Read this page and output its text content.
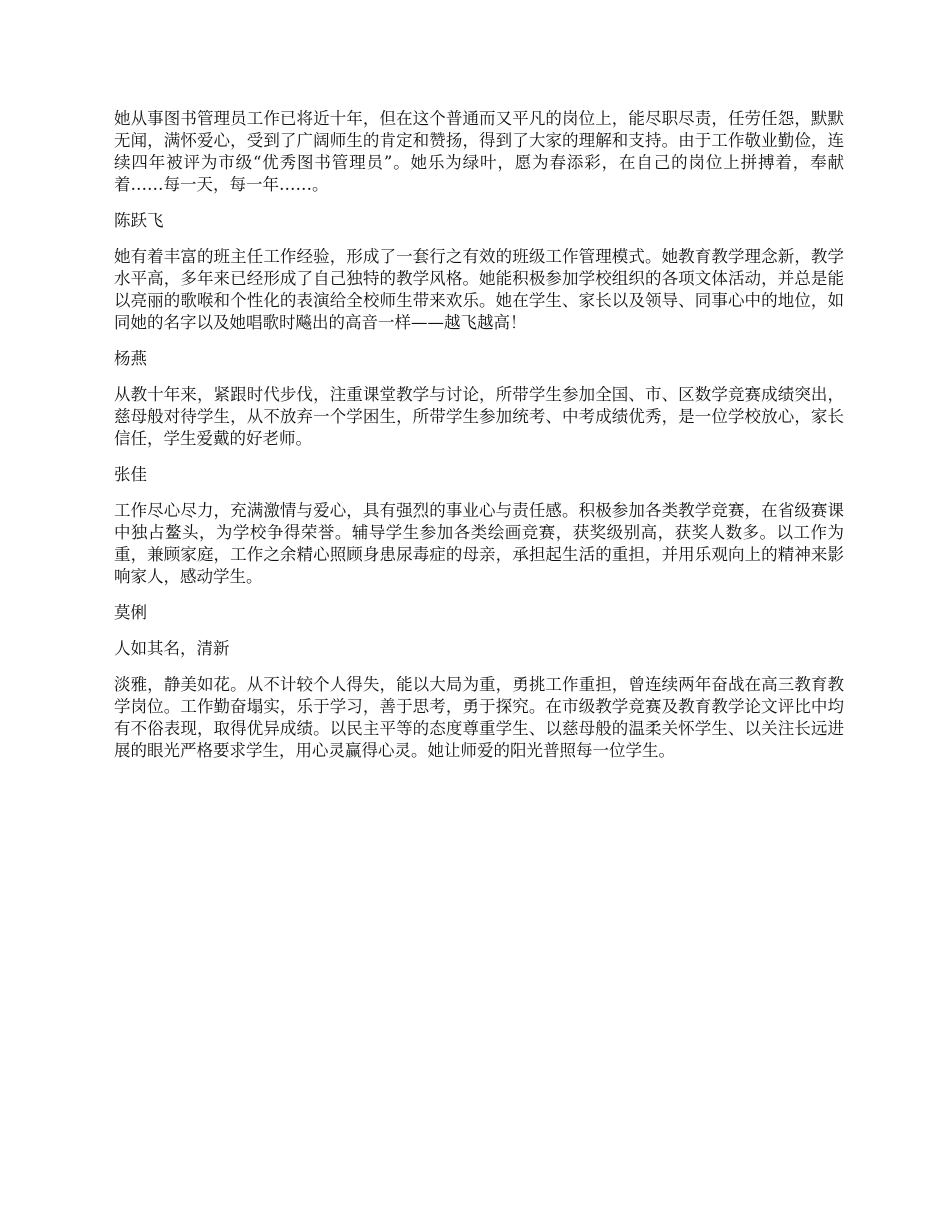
她从事图书管理员工作已将近十年，但在这个普通而又平凡的岗位上，能尽职尽责，任劳任怨，默默无闻，满怀爱心，受到了广阔师生的肯定和赞扬，得到了大家的理解和支持。由于工作敬业勤俭，连续四年被评为市级“优秀图书管理员”。她乐为绿叶，愿为春添彩，在自己的岗位上拼搏着，奉献着……每一天，每一年……。

陈跃飞

她有着丰富的班主任工作经验，形成了一套行之有效的班级工作管理模式。她教育教学理念新，教学水平高，多年来已经形成了自己独特的教学风格。她能积极参加学校组织的各项文体活动，并总是能以亮丽的歌喉和个性化的表演给全校师生带来欢乐。她在学生、家长以及领导、同事心中的地位，如同她的名字以及她唱歌时飚出的高音一样——越飞越高！

杨燕

从教十年来，紧跟时代步伐，注重课堂教学与讨论，所带学生参加全国、市、区数学竞赛成绩突出，慈母般对待学生，从不放弃一个学困生，所带学生参加统考、中考成绩优秀，是一位学校放心，家长信任，学生爱戴的好老师。

张佳

工作尽心尽力，充满激情与爱心，具有强烈的事业心与责任感。积极参加各类教学竞赛，在省级赛课中独占鳌头，为学校争得荣誉。辅导学生参加各类绘画竞赛，获奖级别高，获奖人数多。以工作为重，兼顾家庭，工作之余精心照顾身患尿毒症的母亲，承担起生活的重担，并用乐观向上的精神来影响家人，感动学生。

莫俐

人如其名，清新

淡雅，静美如花。从不计较个人得失，能以大局为重，勇挑工作重担，曾连续两年奋战在高三教育教学岗位。工作勤奋塌实，乐于学习，善于思考，勇于探究。在市级教学竞赛及教育教学论文评比中均有不俗表现，取得优异成绩。以民主平等的态度尊重学生、以慈母般的温柔关怀学生、以关注长远进展的眼光严格要求学生，用心灵赢得心灵。她让师爱的阳光普照每一位学生。
